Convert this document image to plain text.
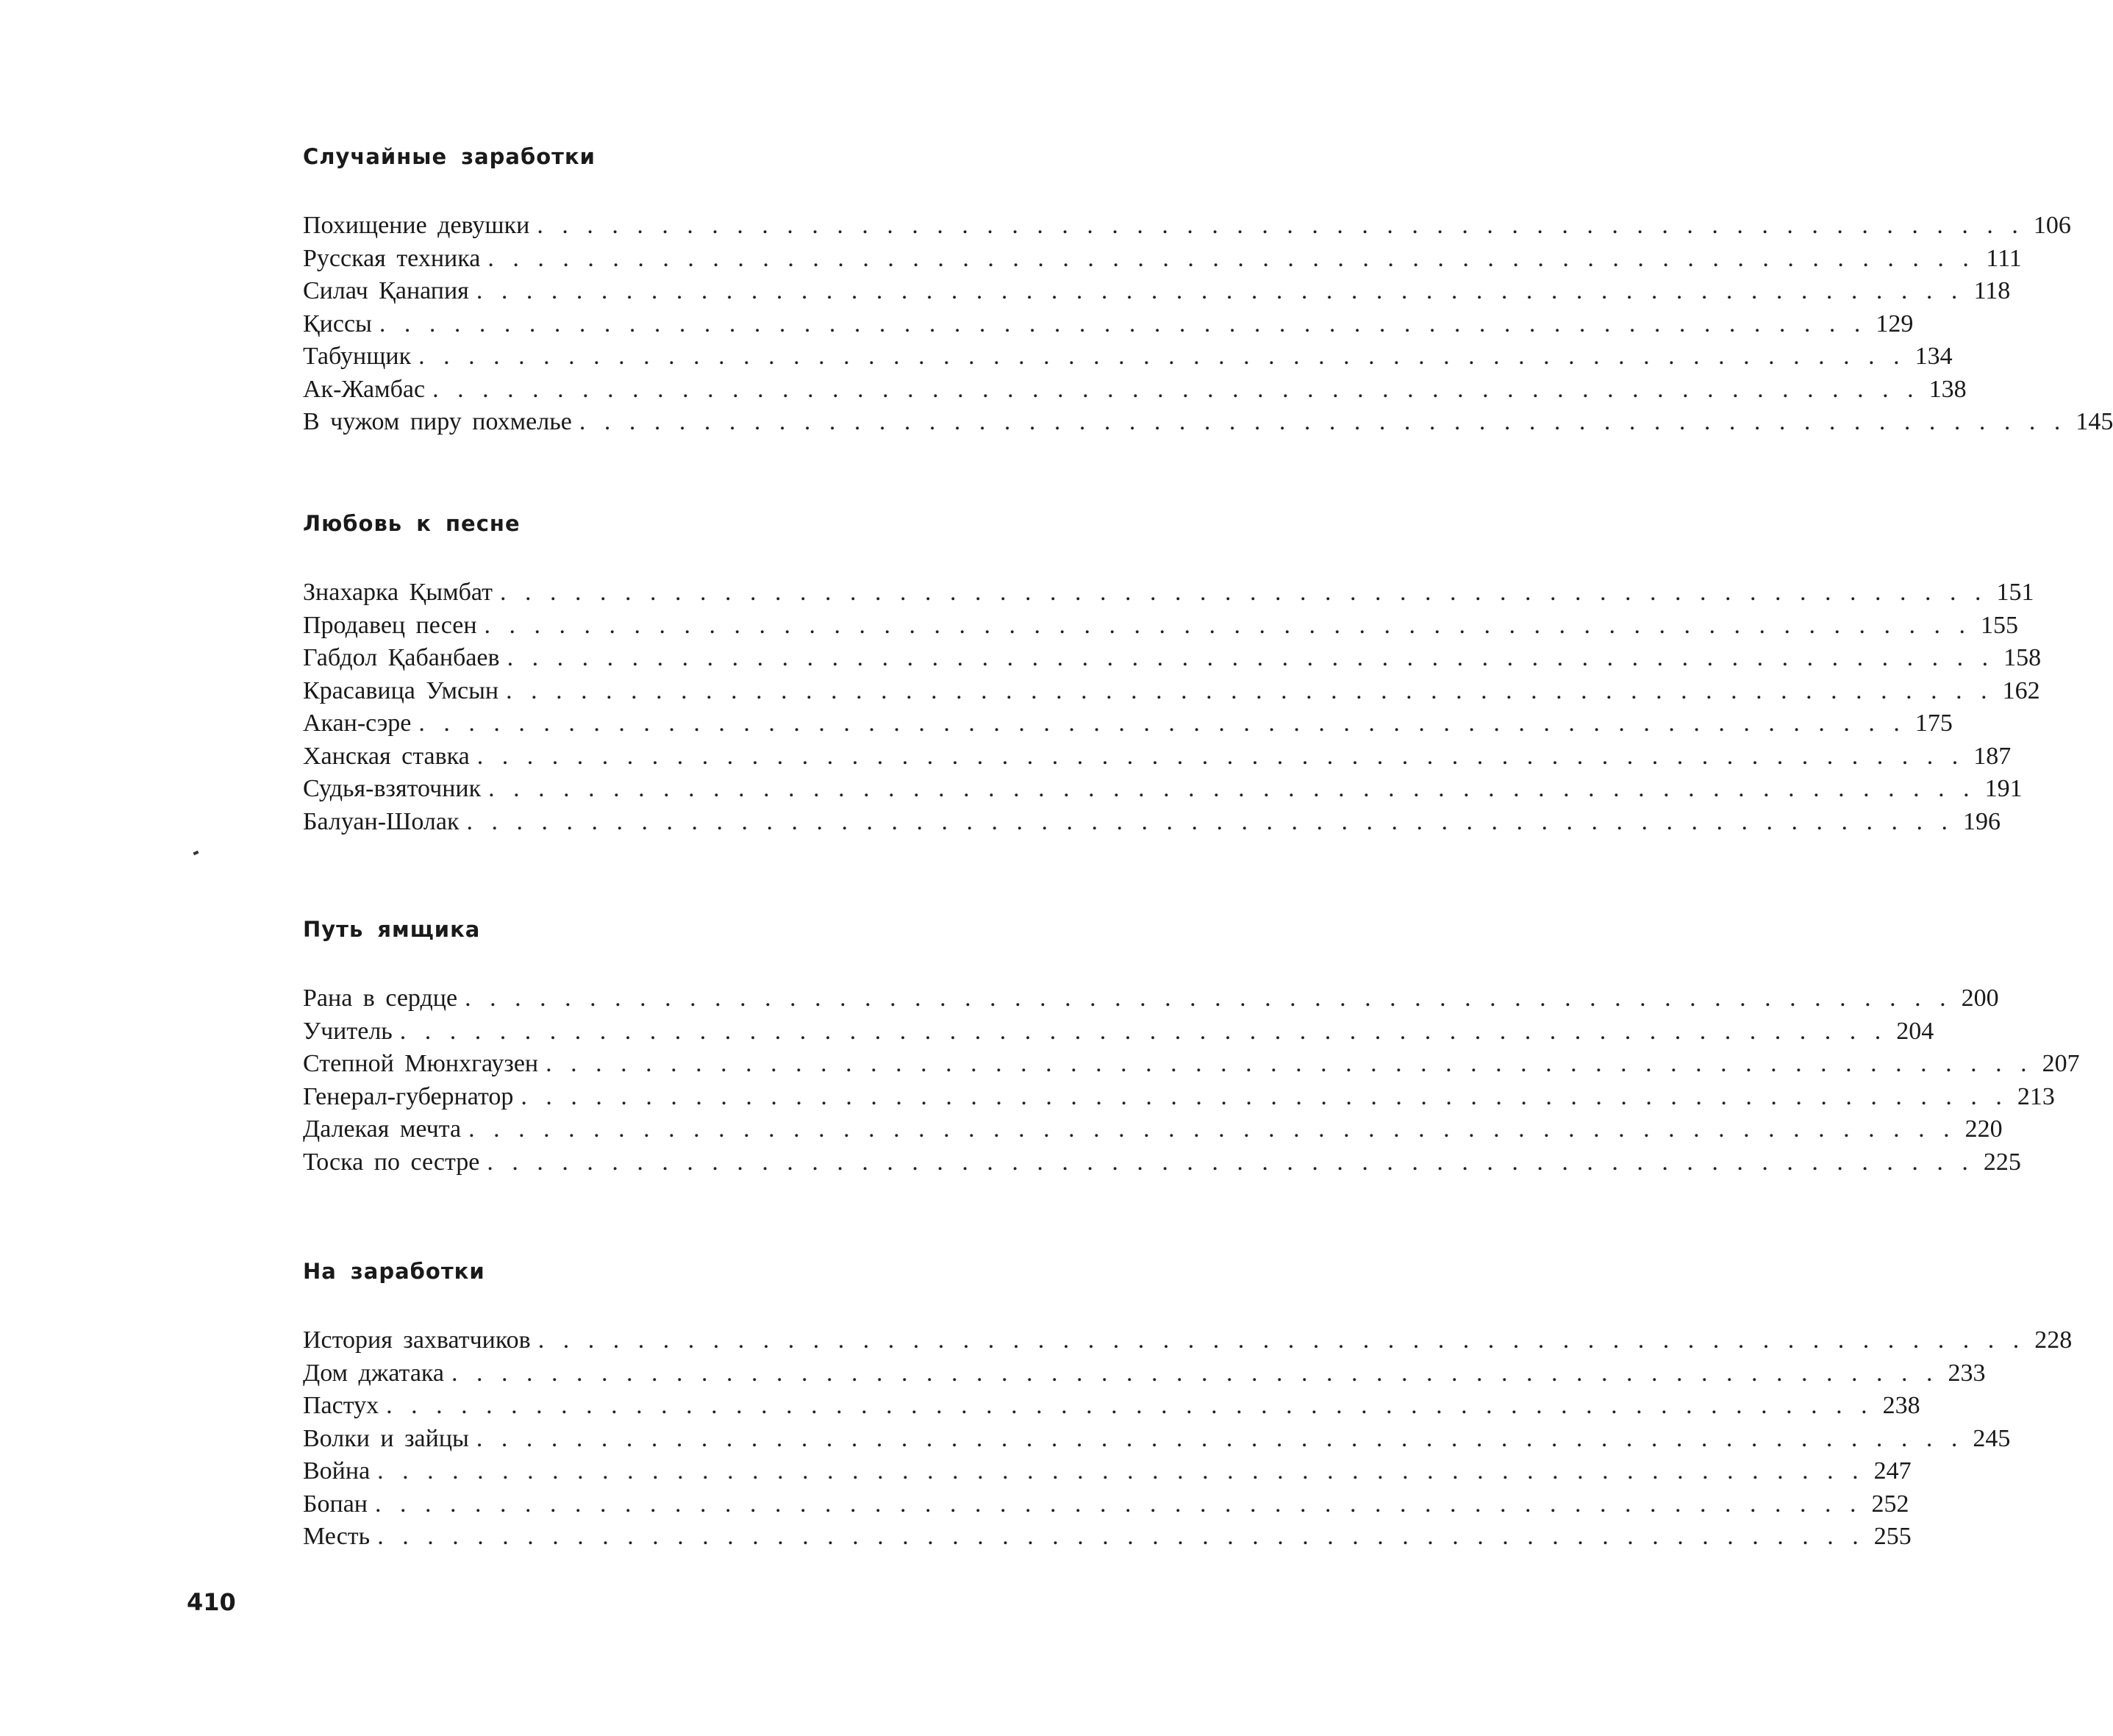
Случайные заработки
Похищение девушки .  .  .  .  .  .  .  .  .  .  .  .  .  .  .  .  .  .  .  .  .  .  .  .  .  .  .  .  .  .  .  .  .  .  .  .  .  .  .  .  .  .  .  .  .  .  .  .  .  .  .  .  .  .  .  .  .  .  .  . 106
Русская техника .  .  .  .  .  .  .  .  .  .  .  .  .  .  .  .  .  .  .  .  .  .  .  .  .  .  .  .  .  .  .  .  .  .  .  .  .  .  .  .  .  .  .  .  .  .  .  .  .  .  .  .  .  .  .  .  .  .  .  . 111
Силач Қанапия .  .  .  .  .  .  .  .  .  .  .  .  .  .  .  .  .  .  .  .  .  .  .  .  .  .  .  .  .  .  .  .  .  .  .  .  .  .  .  .  .  .  .  .  .  .  .  .  .  .  .  .  .  .  .  .  .  .  .  . 118
Қиссы .  .  .  .  .  .  .  .  .  .  .  .  .  .  .  .  .  .  .  .  .  .  .  .  .  .  .  .  .  .  .  .  .  .  .  .  .  .  .  .  .  .  .  .  .  .  .  .  .  .  .  .  .  .  .  .  .  .  .  . 129
Табунщик .  .  .  .  .  .  .  .  .  .  .  .  .  .  .  .  .  .  .  .  .  .  .  .  .  .  .  .  .  .  .  .  .  .  .  .  .  .  .  .  .  .  .  .  .  .  .  .  .  .  .  .  .  .  .  .  .  .  .  . 134
Ак-Жамбас .  .  .  .  .  .  .  .  .  .  .  .  .  .  .  .  .  .  .  .  .  .  .  .  .  .  .  .  .  .  .  .  .  .  .  .  .  .  .  .  .  .  .  .  .  .  .  .  .  .  .  .  .  .  .  .  .  .  .  . 138
В чужом пиру похмелье .  .  .  .  .  .  .  .  .  .  .  .  .  .  .  .  .  .  .  .  .  .  .  .  .  .  .  .  .  .  .  .  .  .  .  .  .  .  .  .  .  .  .  .  .  .  .  .  .  .  .  .  .  .  .  .  .  .  .  . 145
Любовь к песне
Знахарка Қымбат .  .  .  .  .  .  .  .  .  .  .  .  .  .  .  .  .  .  .  .  .  .  .  .  .  .  .  .  .  .  .  .  .  .  .  .  .  .  .  .  .  .  .  .  .  .  .  .  .  .  .  .  .  .  .  .  .  .  .  . 151
Продавец песен .  .  .  .  .  .  .  .  .  .  .  .  .  .  .  .  .  .  .  .  .  .  .  .  .  .  .  .  .  .  .  .  .  .  .  .  .  .  .  .  .  .  .  .  .  .  .  .  .  .  .  .  .  .  .  .  .  .  .  . 155
Габдол Қабанбаев .  .  .  .  .  .  .  .  .  .  .  .  .  .  .  .  .  .  .  .  .  .  .  .  .  .  .  .  .  .  .  .  .  .  .  .  .  .  .  .  .  .  .  .  .  .  .  .  .  .  .  .  .  .  .  .  .  .  .  . 158
Красавица Умсын .  .  .  .  .  .  .  .  .  .  .  .  .  .  .  .  .  .  .  .  .  .  .  .  .  .  .  .  .  .  .  .  .  .  .  .  .  .  .  .  .  .  .  .  .  .  .  .  .  .  .  .  .  .  .  .  .  .  .  . 162
Акан-сэре .  .  .  .  .  .  .  .  .  .  .  .  .  .  .  .  .  .  .  .  .  .  .  .  .  .  .  .  .  .  .  .  .  .  .  .  .  .  .  .  .  .  .  .  .  .  .  .  .  .  .  .  .  .  .  .  .  .  .  . 175
Ханская ставка .  .  .  .  .  .  .  .  .  .  .  .  .  .  .  .  .  .  .  .  .  .  .  .  .  .  .  .  .  .  .  .  .  .  .  .  .  .  .  .  .  .  .  .  .  .  .  .  .  .  .  .  .  .  .  .  .  .  .  . 187
Судья-взяточник .  .  .  .  .  .  .  .  .  .  .  .  .  .  .  .  .  .  .  .  .  .  .  .  .  .  .  .  .  .  .  .  .  .  .  .  .  .  .  .  .  .  .  .  .  .  .  .  .  .  .  .  .  .  .  .  .  .  .  . 191
Балуан-Шолак .  .  .  .  .  .  .  .  .  .  .  .  .  .  .  .  .  .  .  .  .  .  .  .  .  .  .  .  .  .  .  .  .  .  .  .  .  .  .  .  .  .  .  .  .  .  .  .  .  .  .  .  .  .  .  .  .  .  .  . 196
Путь ямщика
Рана в сердце .  .  .  .  .  .  .  .  .  .  .  .  .  .  .  .  .  .  .  .  .  .  .  .  .  .  .  .  .  .  .  .  .  .  .  .  .  .  .  .  .  .  .  .  .  .  .  .  .  .  .  .  .  .  .  .  .  .  .  . 200
Учитель .  .  .  .  .  .  .  .  .  .  .  .  .  .  .  .  .  .  .  .  .  .  .  .  .  .  .  .  .  .  .  .  .  .  .  .  .  .  .  .  .  .  .  .  .  .  .  .  .  .  .  .  .  .  .  .  .  .  .  . 204
Степной Мюнхгаузен .  .  .  .  .  .  .  .  .  .  .  .  .  .  .  .  .  .  .  .  .  .  .  .  .  .  .  .  .  .  .  .  .  .  .  .  .  .  .  .  .  .  .  .  .  .  .  .  .  .  .  .  .  .  .  .  .  .  .  . 207
Генерал-губернатор .  .  .  .  .  .  .  .  .  .  .  .  .  .  .  .  .  .  .  .  .  .  .  .  .  .  .  .  .  .  .  .  .  .  .  .  .  .  .  .  .  .  .  .  .  .  .  .  .  .  .  .  .  .  .  .  .  .  .  . 213
Далекая мечта .  .  .  .  .  .  .  .  .  .  .  .  .  .  .  .  .  .  .  .  .  .  .  .  .  .  .  .  .  .  .  .  .  .  .  .  .  .  .  .  .  .  .  .  .  .  .  .  .  .  .  .  .  .  .  .  .  .  .  . 220
Тоска по сестре .  .  .  .  .  .  .  .  .  .  .  .  .  .  .  .  .  .  .  .  .  .  .  .  .  .  .  .  .  .  .  .  .  .  .  .  .  .  .  .  .  .  .  .  .  .  .  .  .  .  .  .  .  .  .  .  .  .  .  . 225
На заработки
История захватчиков .  .  .  .  .  .  .  .  .  .  .  .  .  .  .  .  .  .  .  .  .  .  .  .  .  .  .  .  .  .  .  .  .  .  .  .  .  .  .  .  .  .  .  .  .  .  .  .  .  .  .  .  .  .  .  .  .  .  .  . 228
Дом джатака .  .  .  .  .  .  .  .  .  .  .  .  .  .  .  .  .  .  .  .  .  .  .  .  .  .  .  .  .  .  .  .  .  .  .  .  .  .  .  .  .  .  .  .  .  .  .  .  .  .  .  .  .  .  .  .  .  .  .  . 233
Пастух .  .  .  .  .  .  .  .  .  .  .  .  .  .  .  .  .  .  .  .  .  .  .  .  .  .  .  .  .  .  .  .  .  .  .  .  .  .  .  .  .  .  .  .  .  .  .  .  .  .  .  .  .  .  .  .  .  .  .  . 238
Волки и зайцы .  .  .  .  .  .  .  .  .  .  .  .  .  .  .  .  .  .  .  .  .  .  .  .  .  .  .  .  .  .  .  .  .  .  .  .  .  .  .  .  .  .  .  .  .  .  .  .  .  .  .  .  .  .  .  .  .  .  .  . 245
Война .  .  .  .  .  .  .  .  .  .  .  .  .  .  .  .  .  .  .  .  .  .  .  .  .  .  .  .  .  .  .  .  .  .  .  .  .  .  .  .  .  .  .  .  .  .  .  .  .  .  .  .  .  .  .  .  .  .  .  . 247
Бопан .  .  .  .  .  .  .  .  .  .  .  .  .  .  .  .  .  .  .  .  .  .  .  .  .  .  .  .  .  .  .  .  .  .  .  .  .  .  .  .  .  .  .  .  .  .  .  .  .  .  .  .  .  .  .  .  .  .  .  . 252
Месть .  .  .  .  .  .  .  .  .  .  .  .  .  .  .  .  .  .  .  .  .  .  .  .  .  .  .  .  .  .  .  .  .  .  .  .  .  .  .  .  .  .  .  .  .  .  .  .  .  .  .  .  .  .  .  .  .  .  .  . 255
410
